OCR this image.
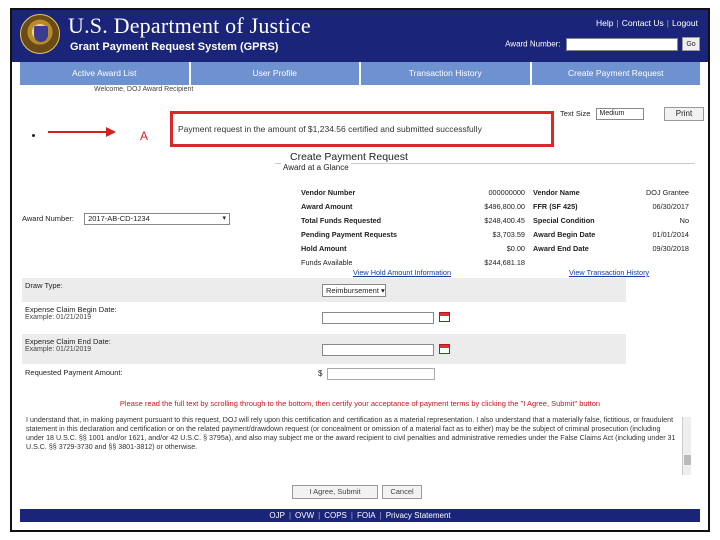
U.S. Department of Justice
Grant Payment Request System (GPRS)
Help | Contact Us | Logout
Award Number:	Go
Active Award List	User Profile	Transaction History	Create Payment Request
Welcome, DOJ Award Recipient
Text Size Medium	Print
A	Payment request in the amount of $1,234.56 certified and submitted successfully
Create Payment Request
Award at a Glance
Vendor Number	000000000
Award Amount	$496,800.00
Total Funds Requested	$248,400.45
Pending Payment Requests	$3,703.59
Hold Amount	$0.00
Funds Available	$244,681.18
Vendor Name	DOJ Grantee
FFR (SF 425)	06/30/2017
Special Condition	No
Award Begin Date	01/01/2014
Award End Date	09/30/2018
View Hold Amount Information	View Transaction History
Award Number: 2017-AB-CD-1234 ▾
Draw Type:
Reimbursement ▾
Expense Claim Begin Date:
Example: 01/21/2019
Expense Claim End Date:
Example: 01/21/2019
Requested Payment Amount:	$
Please read the full text by scrolling through to the bottom, then certify your acceptance of payment terms by clicking the "I Agree, Submit" button

I understand that, in making payment pursuant to this request, DOJ will rely upon this certification and certification as a material representation. I also understand that a materially false, fictitious, or fraudulent statement in this declaration and certification or on the related payment/drawdown request (or concealment or omission of a material fact as to either) may be the subject of criminal prosecution (including under 18 U.S.C. §§ 1001 and/or 1621, and/or 42 U.S.C. § 3795a), and also may subject me or the award recipient to civil penalties and administrative remedies under the False Claims Act (including under 31 U.S.C. §§ 3729-3730 and §§ 3801-3812) or otherwise.

I Agree, Submit	Cancel
OJP | OVW | COPS | FOIA | Privacy Statement
